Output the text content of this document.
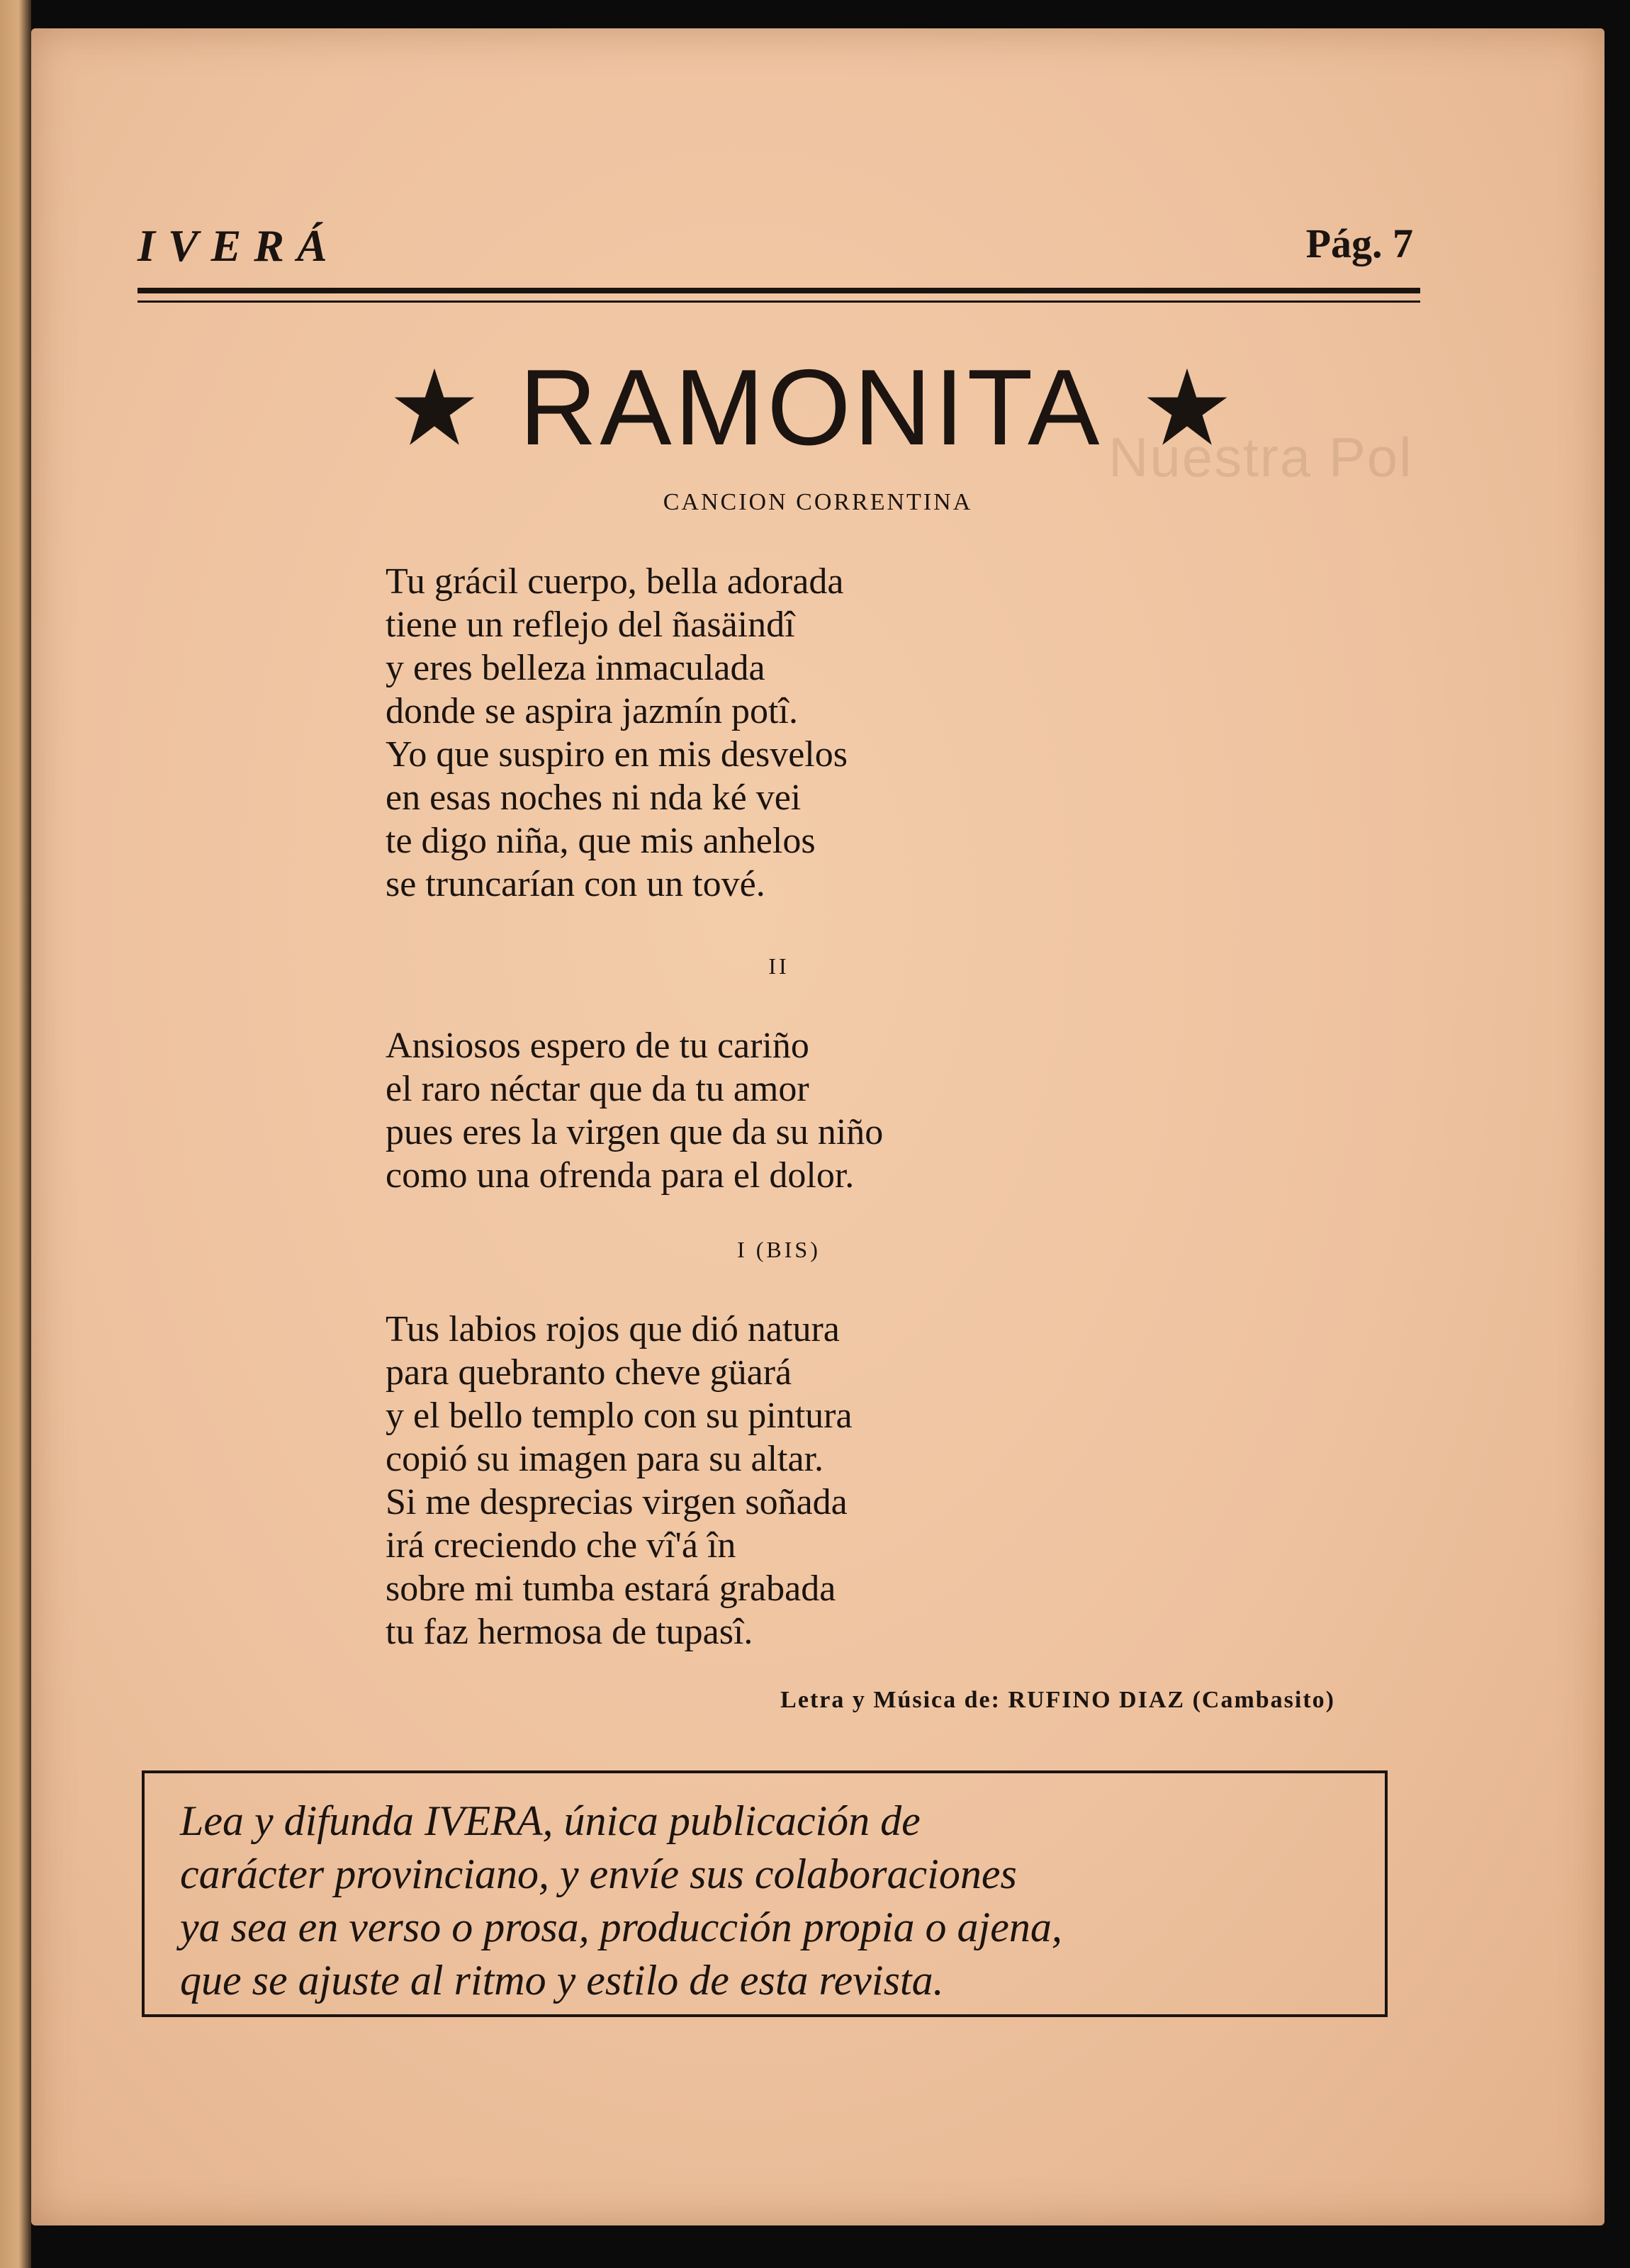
Nuestra Pol
IVERÁ	Pág. 7
RAMONITA
CANCION CORRENTINA
Tu grácil cuerpo, bella adorada
tiene un reflejo del ñasäindî
y eres belleza inmaculada
donde se aspira jazmín potî.
Yo que suspiro en mis desvelos
en esas noches ni nda ké vei
te digo niña, que mis anhelos
se truncarían con un tové.
II
Ansiosos espero de tu cariño
el raro néctar que da tu amor
pues eres la virgen que da su niño
como una ofrenda para el dolor.
I (BIS)
Tus labios rojos que dió natura
para quebranto cheve güará
y el bello templo con su pintura
copió su imagen para su altar.
Si me desprecias virgen soñada
irá creciendo che vî'á în
sobre mi tumba estará grabada
tu faz hermosa de tupasî.
Letra y Música de: RUFINO DIAZ (Cambasito)
Lea y difunda IVERA, única publicación de
carácter provinciano, y envíe sus colaboraciones
ya sea en verso o prosa, producción propia o ajena,
que se ajuste al ritmo y estilo de esta revista.
